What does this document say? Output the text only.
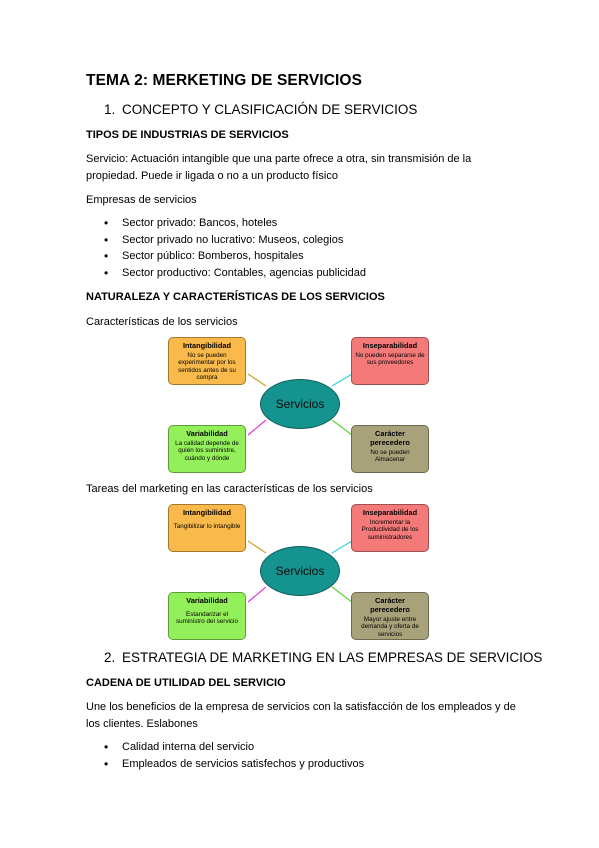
TEMA 2: MERKETING DE SERVICIOS
1. CONCEPTO Y CLASIFICACIÓN DE SERVICIOS
TIPOS DE INDUSTRIAS DE SERVICIOS
Servicio: Actuación intangible que una parte ofrece a otra, sin transmisión de la
propiedad. Puede ir ligada o no a un producto físico
Empresas de servicios
• Sector privado: Bancos, hoteles
• Sector privado no lucrativo: Museos, colegios
• Sector público: Bomberos, hospitales
• Sector productivo: Contables, agencias publicidad
NATURALEZA Y CARACTERÍSTICAS DE LOS SERVICIOS
Características de los servicios
Intangibilidad
No se pueden experimentar por los sentidos antes de su compra
Inseparabilidad
No pueden separarse de sus proveedores
Variabilidad
La calidad depende de quién los suministre, cuándo y dónde
Carácter perecedero
No se pueden Almacenar
Servicios
Tareas del marketing en las características de los servicios
Intangibilidad
Tangibilizar lo intangible
Inseparabilidad
Incrementar la Productividad de los suministradores
Variabilidad
Estandarizar el suministro del servicio
Carácter perecedero
Mayor ajuste entre demanda y oferta de servicios
Servicios
2. ESTRATEGIA DE MARKETING EN LAS EMPRESAS DE SERVICIOS
CADENA DE UTILIDAD DEL SERVICIO
Une los beneficios de la empresa de servicios con la satisfacción de los empleados y de
los clientes. Eslabones
• Calidad interna del servicio
• Empleados de servicios satisfechos y productivos
